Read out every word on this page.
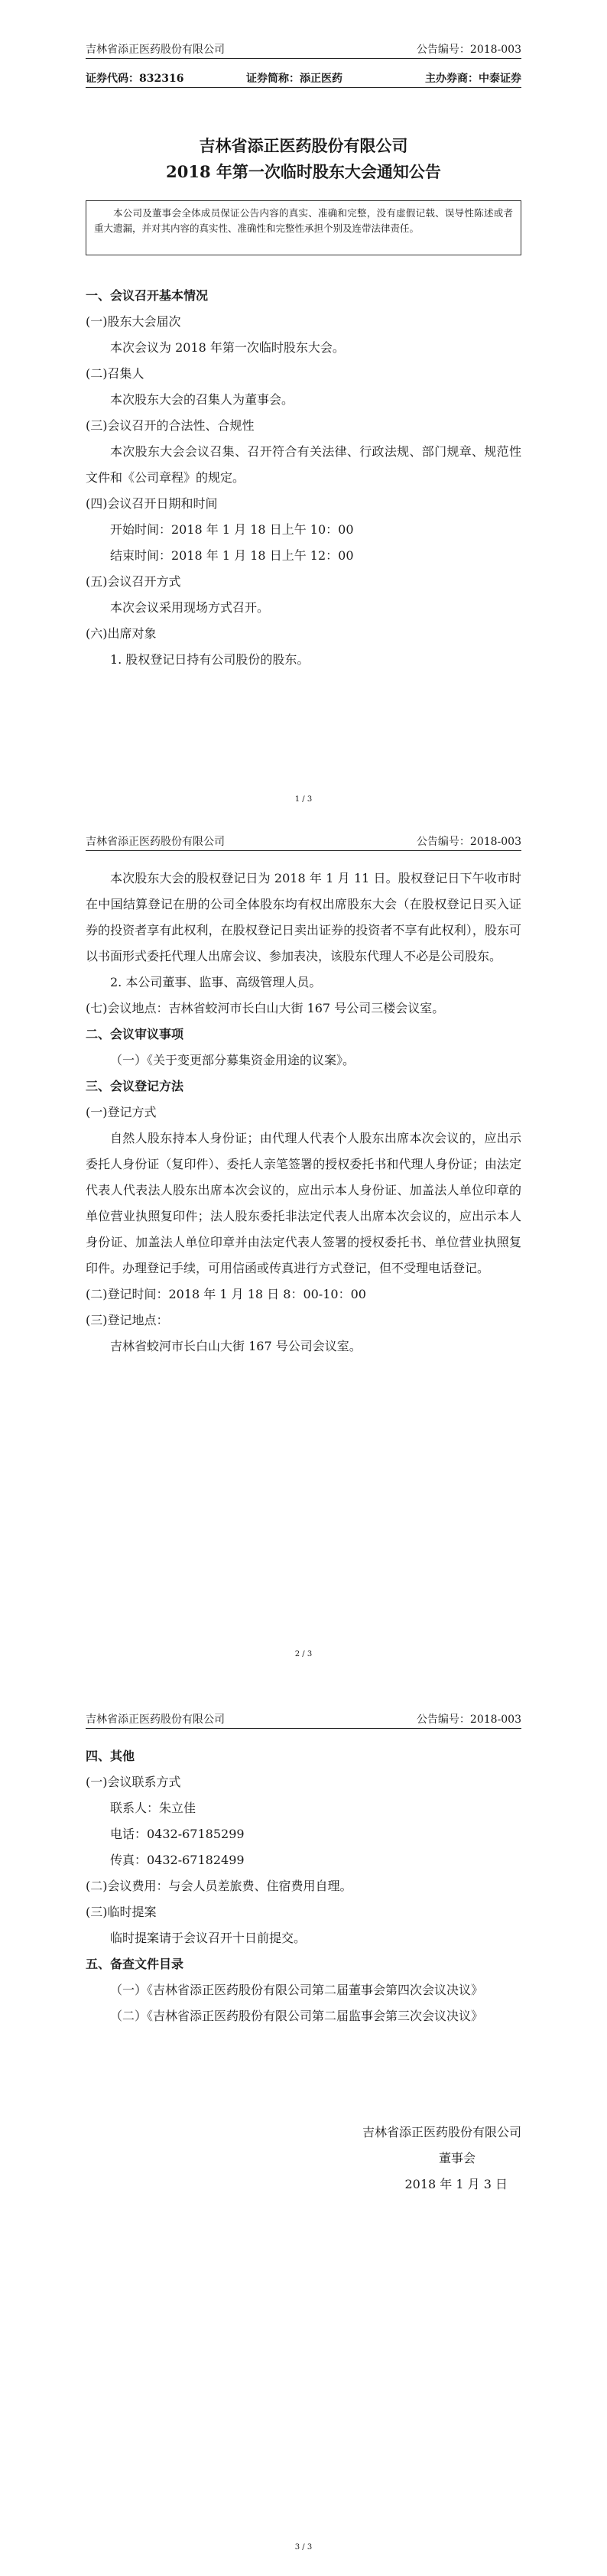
吉林省添正医药股份有限公司	公告编号：2018-003
证券代码：832316	证券简称：添正医药	主办券商：中泰证券
吉林省添正医药股份有限公司
2018 年第一次临时股东大会通知公告
本公司及董事会全体成员保证公告内容的真实、准确和完整，没有虚假记载、误导性陈述或者重大遗漏，并对其内容的真实性、准确性和完整性承担个别及连带法律责任。

一、会议召开基本情况

(一)股东大会届次

本次会议为 2018 年第一次临时股东大会。

(二)召集人

本次股东大会的召集人为董事会。

(三)会议召开的合法性、合规性

本次股东大会会议召集、召开符合有关法律、行政法规、部门规章、规范性文件和《公司章程》的规定。

(四)会议召开日期和时间

开始时间：2018 年 1 月 18 日上午 10：00

结束时间：2018 年 1 月 18 日上午 12：00

(五)会议召开方式

本次会议采用现场方式召开。

(六)出席对象

1. 股权登记日持有公司股份的股东。

1 / 3
吉林省添正医药股份有限公司	公告编号：2018-003

本次股东大会的股权登记日为 2018 年 1 月 11 日。股权登记日下午收市时在中国结算登记在册的公司全体股东均有权出席股东大会（在股权登记日买入证券的投资者享有此权利，在股权登记日卖出证券的投资者不享有此权利），股东可以书面形式委托代理人出席会议、参加表决，该股东代理人不必是公司股东。

2. 本公司董事、监事、高级管理人员。

(七)会议地点：吉林省蛟河市长白山大街 167 号公司三楼会议室。

二、会议审议事项

（一）《关于变更部分募集资金用途的议案》。

三、会议登记方法

(一)登记方式

自然人股东持本人身份证；由代理人代表个人股东出席本次会议的，应出示委托人身份证（复印件）、委托人亲笔签署的授权委托书和代理人身份证；由法定代表人代表法人股东出席本次会议的，应出示本人身份证、加盖法人单位印章的单位营业执照复印件；法人股东委托非法定代表人出席本次会议的，应出示本人身份证、加盖法人单位印章并由法定代表人签署的授权委托书、单位营业执照复印件。办理登记手续，可用信函或传真进行方式登记，但不受理电话登记。

(二)登记时间：2018 年 1 月 18 日 8：00-10：00

(三)登记地点：

吉林省蛟河市长白山大街 167 号公司会议室。

2 / 3
吉林省添正医药股份有限公司	公告编号：2018-003

四、其他

(一)会议联系方式

联系人：朱立佳

电话：0432-67185299

传真：0432-67182499

(二)会议费用：与会人员差旅费、住宿费用自理。

(三)临时提案

临时提案请于会议召开十日前提交。

五、备查文件目录

（一）《吉林省添正医药股份有限公司第二届董事会第四次会议决议》

（二）《吉林省添正医药股份有限公司第二届监事会第三次会议决议》

吉林省添正医药股份有限公司

董事会

2018 年 1 月 3 日

3 / 3
